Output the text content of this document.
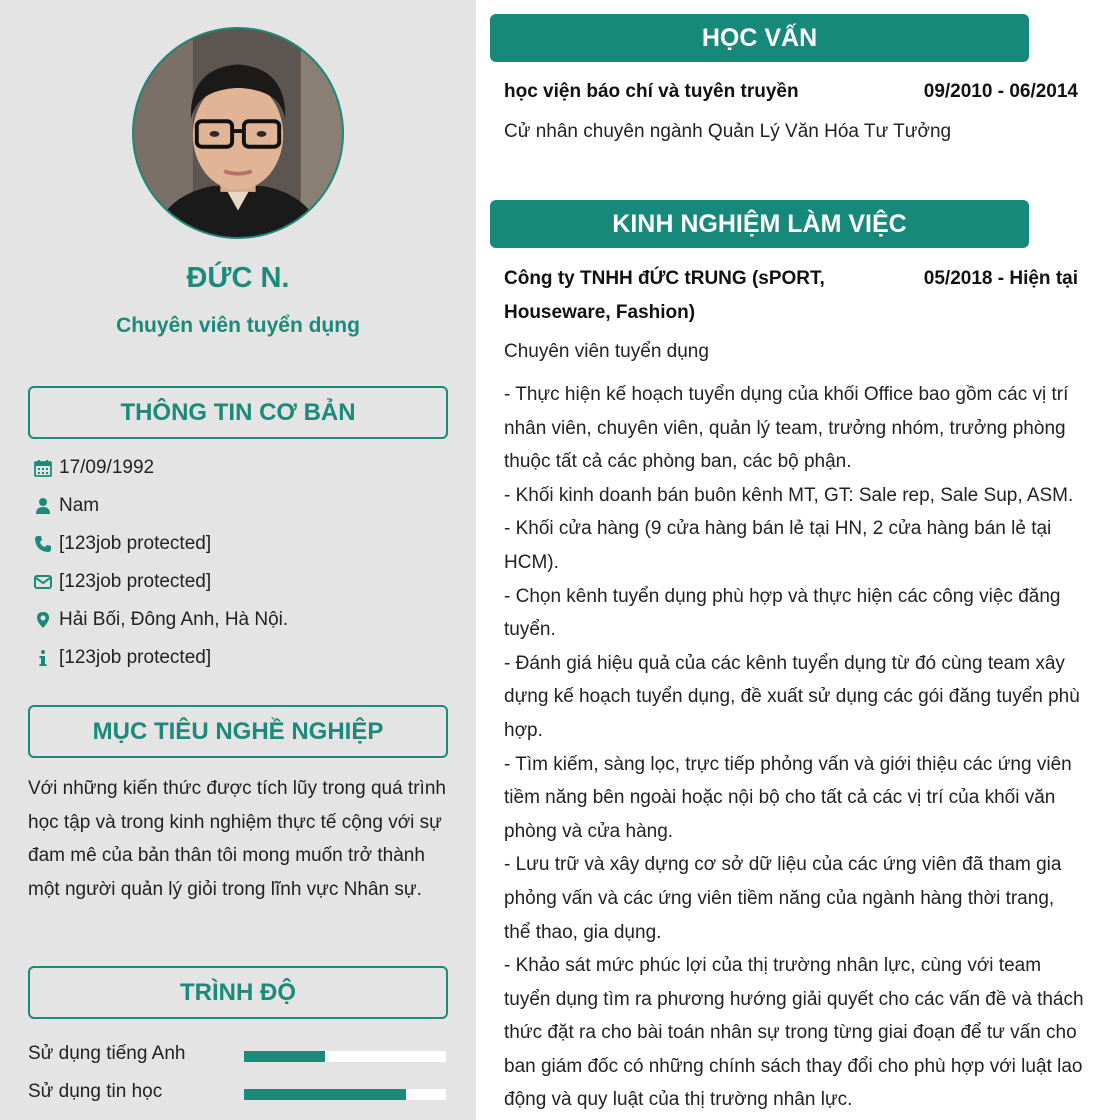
ĐỨC N.
Chuyên viên tuyển dụng
THÔNG TIN CƠ BẢN
17/09/1992
Nam
[123job protected]
[123job protected]
Hải Bối, Đông Anh, Hà Nội.
[123job protected]
MỤC TIÊU NGHỀ NGHIỆP
Với những kiến thức được tích lũy trong quá trình học tập và trong kinh nghiệm thực tế cộng với sự đam mê của bản thân tôi mong muốn trở thành một người quản lý giỏi trong lĩnh vực Nhân sự.
TRÌNH ĐỘ
Sử dụng tiếng Anh
Sử dụng tin học
HỌC VẤN
học viện báo chí và tuyên truyền	09/2010 - 06/2014
Cử nhân chuyên ngành Quản Lý Văn Hóa Tư Tưởng
KINH NGHIỆM LÀM VIỆC
Công ty TNHH đỨC tRUNG (sPORT, Houseware, Fashion)
05/2018 - Hiện tại
Chuyên viên tuyển dụng
- Thực hiện kế hoạch tuyển dụng của khối Office bao gồm các vị trí nhân viên, chuyên viên, quản lý team, trưởng nhóm, trưởng phòng thuộc tất cả các phòng ban, các bộ phận.
- Khối kinh doanh bán buôn kênh MT, GT: Sale rep, Sale Sup, ASM.
- Khối cửa hàng (9 cửa hàng bán lẻ tại HN, 2 cửa hàng bán lẻ tại HCM).
- Chọn kênh tuyển dụng phù hợp và thực hiện các công việc đăng tuyển.
- Đánh giá hiệu quả của các kênh tuyển dụng từ đó cùng team xây dựng kế hoạch tuyển dụng, đề xuất sử dụng các gói đăng tuyển phù hợp.
- Tìm kiếm, sàng lọc, trực tiếp phỏng vấn và giới thiệu các ứng viên tiềm năng bên ngoài hoặc nội bộ cho tất cả các vị trí của khối văn phòng và cửa hàng.
- Lưu trữ và xây dựng cơ sở dữ liệu của các ứng viên đã tham gia phỏng vấn và các ứng viên tiềm năng của ngành hàng thời trang, thể thao, gia dụng.
- Khảo sát mức phúc lợi của thị trường nhân lực, cùng với team tuyển dụng tìm ra phương hướng giải quyết cho các vấn đề và thách thức đặt ra cho bài toán nhân sự trong từng giai đoạn để tư vấn cho ban giám đốc có những chính sách thay đổi cho phù hợp với luật lao động và quy luật của thị trường nhân lực.
